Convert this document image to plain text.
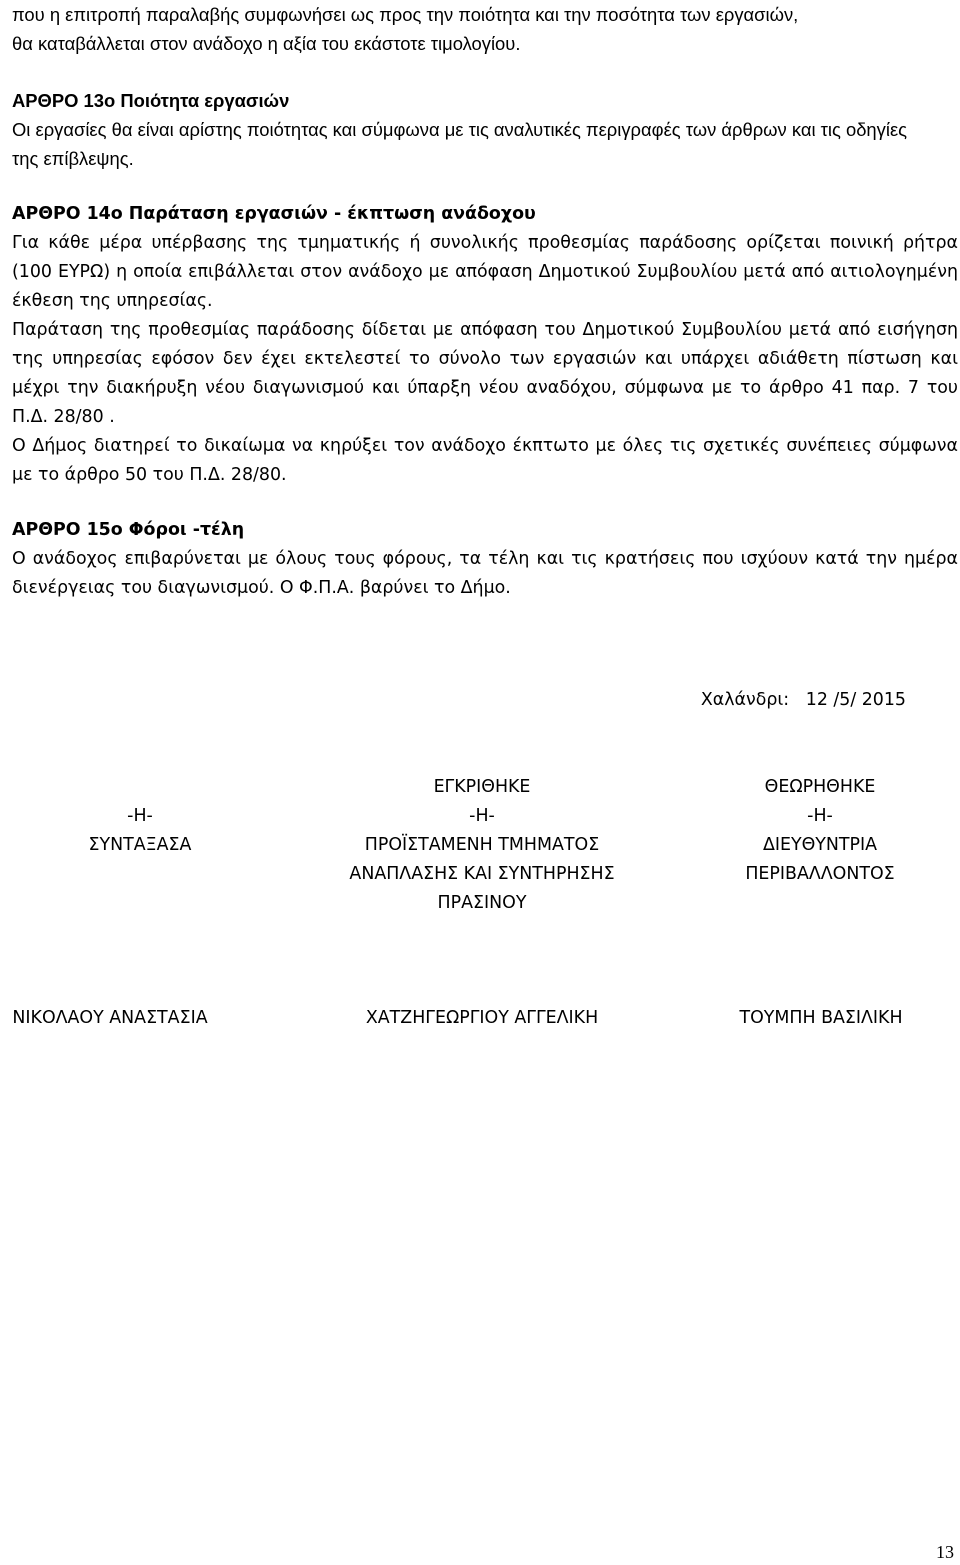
που η επιτροπή παραλαβής συμφωνήσει ως προς την ποιότητα και την ποσότητα των εργασιών,
θα καταβάλλεται στον ανάδοχο η αξία του εκάστοτε τιμολογίου.
ΑΡΘΡΟ 13ο Ποιότητα εργασιών
Οι εργασίες θα είναι αρίστης ποιότητας και σύμφωνα με τις αναλυτικές περιγραφές των άρθρων και τις οδηγίες της επίβλεψης.
ΑΡΘΡΟ 14ο Παράταση εργασιών - έκπτωση ανάδοχου
Για κάθε μέρα υπέρβασης της τμηματικής ή συνολικής προθεσμίας παράδοσης ορίζεται ποινική ρήτρα (100 ΕΥΡΩ) η οποία επιβάλλεται στον ανάδοχο με απόφαση Δημοτικού Συμβουλίου μετά από αιτιολογημένη έκθεση της υπηρεσίας.
Παράταση της προθεσμίας παράδοσης δίδεται με απόφαση του Δημοτικού Συμβουλίου μετά από εισήγηση της υπηρεσίας εφόσον δεν έχει εκτελεστεί το σύνολο των εργασιών και υπάρχει αδιάθετη πίστωση και μέχρι την διακήρυξη νέου διαγωνισμού και ύπαρξη νέου αναδόχου, σύμφωνα με το άρθρο 41 παρ. 7 του Π.Δ. 28/80 .
Ο Δήμος διατηρεί το δικαίωμα να κηρύξει τον ανάδοχο έκπτωτο με όλες τις σχετικές συνέπειες σύμφωνα με το άρθρο 50 του Π.Δ. 28/80.
ΑΡΘΡΟ 15ο Φόροι -τέλη
Ο ανάδοχος επιβαρύνεται με όλους τους φόρους, τα τέλη και τις κρατήσεις που ισχύουν κατά την ημέρα διενέργειας του διαγωνισμού. Ο Φ.Π.Α. βαρύνει το Δήμο.
Χαλάνδρι: 12 /5/ 2015
-Η-
ΣΥΝΤΑΞΑΣΑ
ΕΓΚΡΙΘΗΚΕ
-Η-
ΠΡΟΪΣΤΑΜΕΝΗ ΤΜΗΜΑΤΟΣ
ΑΝΑΠΛΑΣΗΣ ΚΑΙ ΣΥΝΤΗΡΗΣΗΣ
ΠΡΑΣΙΝΟΥ
ΘΕΩΡΗΘΗΚΕ
-Η-
ΔΙΕΥΘΥΝΤΡΙΑ
ΠΕΡΙΒΑΛΛΟΝΤΟΣ
ΝΙΚΟΛΑΟΥ ΑΝΑΣΤΑΣΙΑ	ΧΑΤΖΗΓΕΩΡΓΙΟΥ ΑΓΓΕΛΙΚΗ	ΤΟΥΜΠΗ ΒΑΣΙΛΙΚΗ
13
